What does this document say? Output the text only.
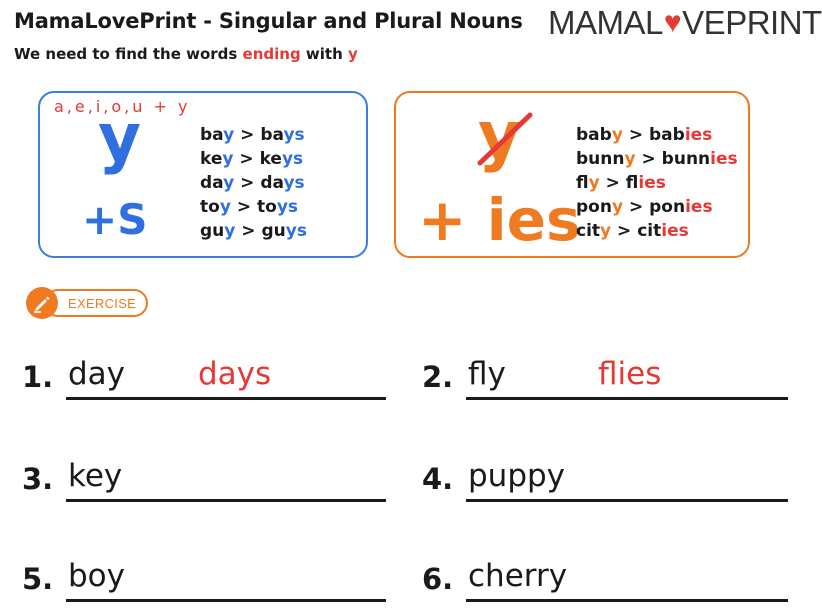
MamaLovePrint - Singular and Plural Nouns
We need to find the words ending with y
MAMAL ♥ VEPRINT
a,e,i,o,u + y
y
+S
bay > bays
key > keys
day > days
toy > toys
guy > guys
y
+ ies
baby > babies
bunny > bunnies
fly > flies
pony > ponies
city > cities
EXERCISE
1. day days	2. fly	flies
3. key	4. puppy
5. boy	6. cherry
